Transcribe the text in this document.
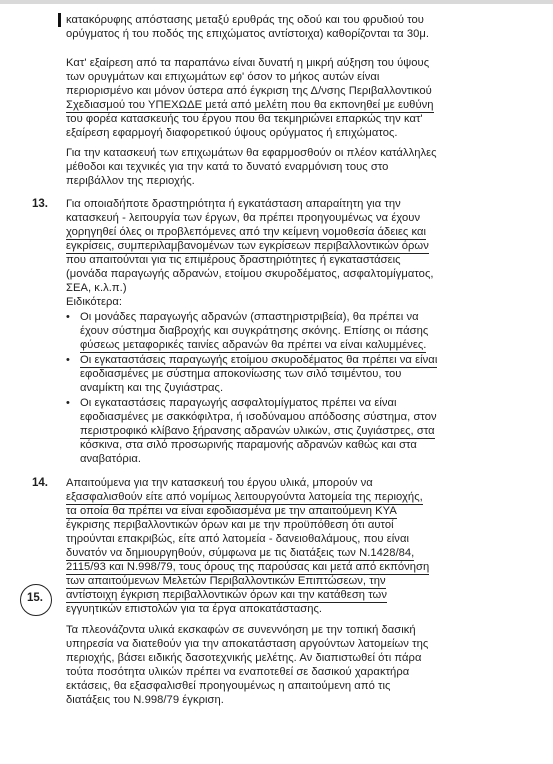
κατακόρυφης απόστασης μεταξύ ερυθράς της οδού και του φρυδιού του
ορύγματος ή του ποδός της επιχώματος αντίστοιχα) καθορίζονται τα 30μ.
Κατ' εξαίρεση από τα παραπάνω είναι δυνατή η μικρή αύξηση του ύψους
των ορυγμάτων και επιχωμάτων εφ' όσον το μήκος αυτών είναι
περιορισμένο και μόνον ύστερα από έγκριση της Δ/νσης Περιβαλλοντικού
Σχεδιασμού του ΥΠΕΧΩΔΕ μετά από μελέτη που θα εκπονηθεί με ευθύνη
του φορέα κατασκευής του έργου που θα τεκμηριώνει επαρκώς την κατ'
εξαίρεση εφαρμογή διαφορετικού ύψους ορύγματος ή επιχώματος.
Για την κατασκευή των επιχωμάτων θα εφαρμοσθούν οι πλέον κατάλληλες
μέθοδοι και τεχνικές για την κατά το δυνατό εναρμόνιση τους στο
περιβάλλον της περιοχής.
13. Για οποιαδήποτε δραστηριότητα ή εγκατάσταση απαραίτητη για την
κατασκευή - λειτουργία των έργων, θα πρέπει προηγουμένως να έχουν
χορηγηθεί όλες οι προβλεπόμενες από την κείμενη νομοθεσία άδειες και
εγκρίσεις, συμπεριλαμβανομένων των εγκρίσεων περιβαλλοντικών όρων
που απαιτούνται για τις επιμέρους δραστηριότητες ή εγκαταστάσεις
(μονάδα παραγωγής αδρανών, ετοίμου σκυροδέματος, ασφαλτομίγματος,
ΣΕΑ, κ.λ.π.)
Ειδικότερα:
• Οι μονάδες παραγωγής αδρανών (σπαστηριστριβεία), θα πρέπει να
έχουν σύστημα διαβροχής και συγκράτησης σκόνης. Επίσης οι πάσης
φύσεως μεταφορικές ταινίες αδρανών θα πρέπει να είναι καλυμμένες.
• Οι εγκαταστάσεις παραγωγής ετοίμου σκυροδέματος θα πρέπει να είναι
εφοδιασμένες με σύστημα αποκονίωσης των σιλό τσιμέντου, του
αναμίκτη και της ζυγιάστρας.
• Οι εγκαταστάσεις παραγωγής ασφαλτομίγματος πρέπει να είναι
εφοδιασμένες με σακκόφιλτρα, ή ισοδύναμου απόδοσης σύστημα, στον
περιστροφικό κλίβανο ξήρανσης αδρανών υλικών, στις ζυγιάστρες, στα
κόσκινα, στα σιλό προσωρινής παραμονής αδρανών καθώς και στα
αναβατόρια.
14. Απαιτούμενα για την κατασκευή του έργου υλικά, μπορούν να
εξασφαλισθούν είτε από νομίμως λειτουργούντα λατομεία της περιοχής,
τα οποία θα πρέπει να είναι εφοδιασμένα με την απαιτούμενη ΚΥΑ
έγκρισης περιβαλλοντικών όρων και με την προϋπόθεση ότι αυτοί
τηρούνται επακριβώς, είτε από λατομεία - δανειοθαλάμους, που είναι
δυνατόν να δημιουργηθούν, σύμφωνα με τις διατάξεις των Ν.1428/84,
2115/93 και Ν.998/79, τους όρους της παρούσας και μετά από εκπόνηση
των απαιτούμενων Μελετών Περιβαλλοντικών Επιπτώσεων, την
αντίστοιχη έγκριση περιβαλλοντικών όρων και την κατάθεση των
εγγυητικών επιστολών για τα έργα αποκατάστασης.
15.
Τα πλεονάζοντα υλικά εκσκαφών σε συνεννόηση με την τοπική δασική
υπηρεσία να διατεθούν για την αποκατάσταση αργούντων λατομείων της
περιοχής, βάσει ειδικής δασοτεχνικής μελέτης. Αν διαπιστωθεί ότι πάρα
τούτα ποσότητα υλικών πρέπει να εναποτεθεί σε δασικού χαρακτήρα
εκτάσεις, θα εξασφαλισθεί προηγουμένως η απαιτούμενη από τις
διατάξεις του Ν.998/79 έγκριση.
